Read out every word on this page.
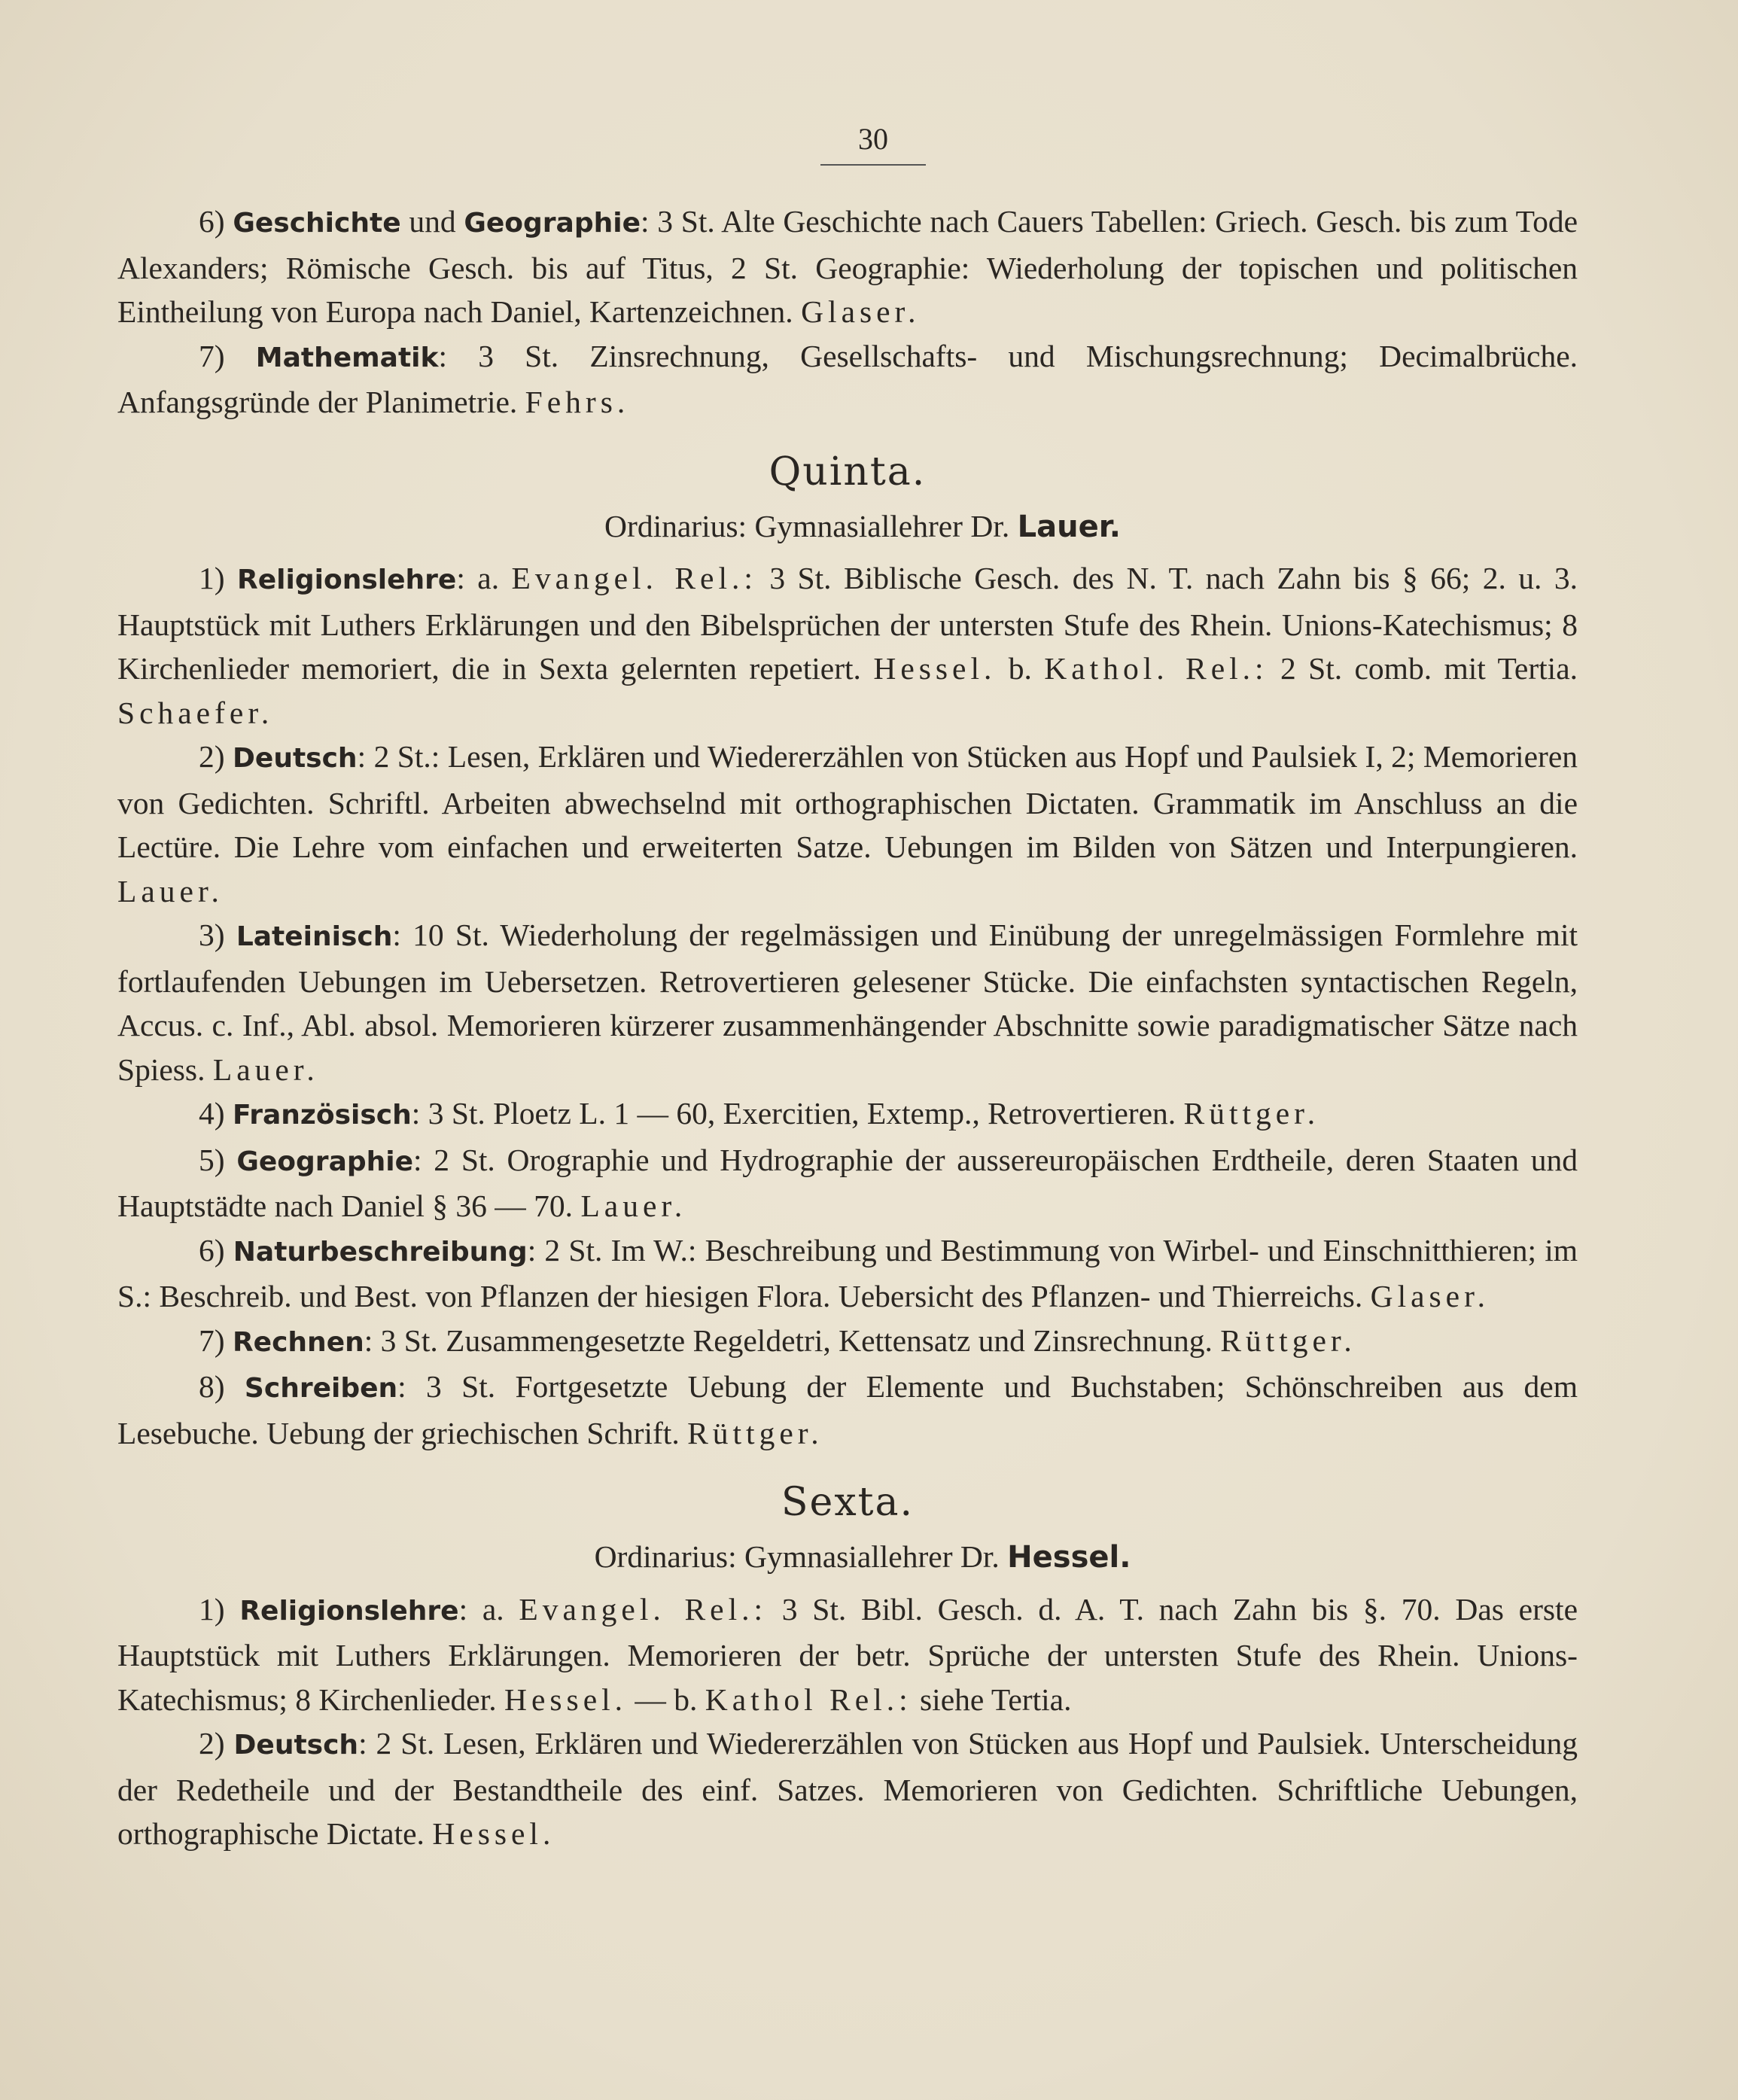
30

6) Geschichte und Geographie: 3 St. Alte Geschichte nach Cauers Tabellen: Griech. Gesch. bis zum Tode Alexanders; Römische Gesch. bis auf Titus, 2 St. Geographie: Wiederholung der topischen und politischen Eintheilung von Europa nach Daniel, Kartenzeichnen. Glaser.

7) Mathematik: 3 St. Zinsrechnung, Gesellschafts- und Mischungsrechnung; Decimalbrüche. Anfangsgründe der Planimetrie. Fehrs.

Quinta.

Ordinarius: Gymnasiallehrer Dr. Lauer.

1) Religionslehre: a. Evangel. Rel.: 3 St. Biblische Gesch. des N. T. nach Zahn bis § 66; 2. u. 3. Hauptstück mit Luthers Erklärungen und den Bibelsprüchen der untersten Stufe des Rhein. Unions-Katechismus; 8 Kirchenlieder memoriert, die in Sexta gelernten repetiert. Hessel. b. Kathol. Rel.: 2 St. comb. mit Tertia. Schaefer.

2) Deutsch: 2 St.: Lesen, Erklären und Wiedererzählen von Stücken aus Hopf und Paulsiek I, 2; Memorieren von Gedichten. Schriftl. Arbeiten abwechselnd mit orthographischen Dictaten. Grammatik im Anschluss an die Lectüre. Die Lehre vom einfachen und erweiterten Satze. Uebungen im Bilden von Sätzen und Interpungieren. Lauer.

3) Lateinisch: 10 St. Wiederholung der regelmässigen und Einübung der unregelmässigen Formlehre mit fortlaufenden Uebungen im Uebersetzen. Retrovertieren gelesener Stücke. Die einfachsten syntactischen Regeln, Accus. c. Inf., Abl. absol. Memorieren kürzerer zusammenhängender Abschnitte sowie paradigmatischer Sätze nach Spiess. Lauer.

4) Französisch: 3 St. Ploetz L. 1 — 60, Exercitien, Extemp., Retrovertieren. Rüttger.

5) Geographie: 2 St. Orographie und Hydrographie der aussereuropäischen Erdtheile, deren Staaten und Hauptstädte nach Daniel § 36 — 70. Lauer.

6) Naturbeschreibung: 2 St. Im W.: Beschreibung und Bestimmung von Wirbel- und Einschnitthieren; im S.: Beschreib. und Best. von Pflanzen der hiesigen Flora. Uebersicht des Pflanzen- und Thierreichs. Glaser.

7) Rechnen: 3 St. Zusammengesetzte Regeldetri, Kettensatz und Zinsrechnung. Rüttger.

8) Schreiben: 3 St. Fortgesetzte Uebung der Elemente und Buchstaben; Schönschreiben aus dem Lesebuche. Uebung der griechischen Schrift. Rüttger.

Sexta.

Ordinarius: Gymnasiallehrer Dr. Hessel.

1) Religionslehre: a. Evangel. Rel.: 3 St. Bibl. Gesch. d. A. T. nach Zahn bis §. 70. Das erste Hauptstück mit Luthers Erklärungen. Memorieren der betr. Sprüche der untersten Stufe des Rhein. Unions-Katechismus; 8 Kirchenlieder. Hessel. — b. Kathol Rel.: siehe Tertia.

2) Deutsch: 2 St. Lesen, Erklären und Wiedererzählen von Stücken aus Hopf und Paulsiek. Unterscheidung der Redetheile und der Bestandtheile des einf. Satzes. Memorieren von Gedichten. Schriftliche Uebungen, orthographische Dictate. Hessel.
